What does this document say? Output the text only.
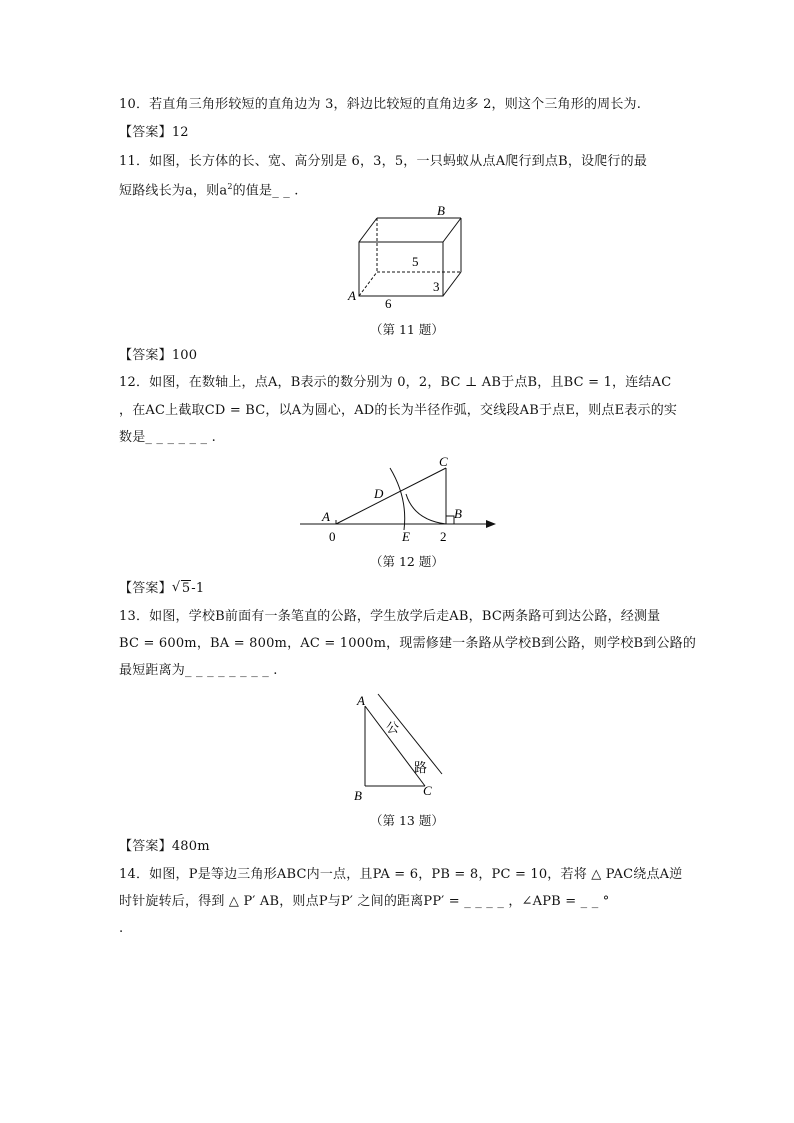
10．若直角三角形较短的直角边为 3，斜边比较短的直角边多 2，则这个三角形的周长为.
【答案】12
11．如图，长方体的长、宽、高分别是 6，3，5，一只蚂蚁从点A爬行到点B，设爬行的最
短路线长为a，则$a^2$的值是_ _ .
A
B
6
3
5
（第 11 题）
【答案】100
12．如图，在数轴上，点A，B表示的数分别为 0，2，BC ⊥ AB于点B，且BC = 1，连结AC
，在AC上截取CD = BC，以A为圆心，AD的长为半径作弧，交线段AB于点E，则点E表示的实
数是_ _ _ _ _ _ .
A	B
C
D
E
0	2
（第 12 题）
【答案】 √ 5-1
13．如图，学校B前面有一条笔直的公路，学生放学后走AB，BC两条路可到达公路，经测量
BC = 600m，BA = 800m，AC = 1000m，现需修建一条路从学校B到公路，则学校B到公路的
最短距离为_ _ _ _ _ _ _ _ .
A
B	C
公
路
（第 13 题）
【答案】480m
14．如图，P是等边三角形ABC内一点，且PA = 6，PB = 8，PC = 10，若将 △ PAC绕点A逆
时针旋转后，得到 △ P′ AB，则点P与P′ 之间的距离PP′ = _ _ _ _ ，∠APB = _ _ °
.
